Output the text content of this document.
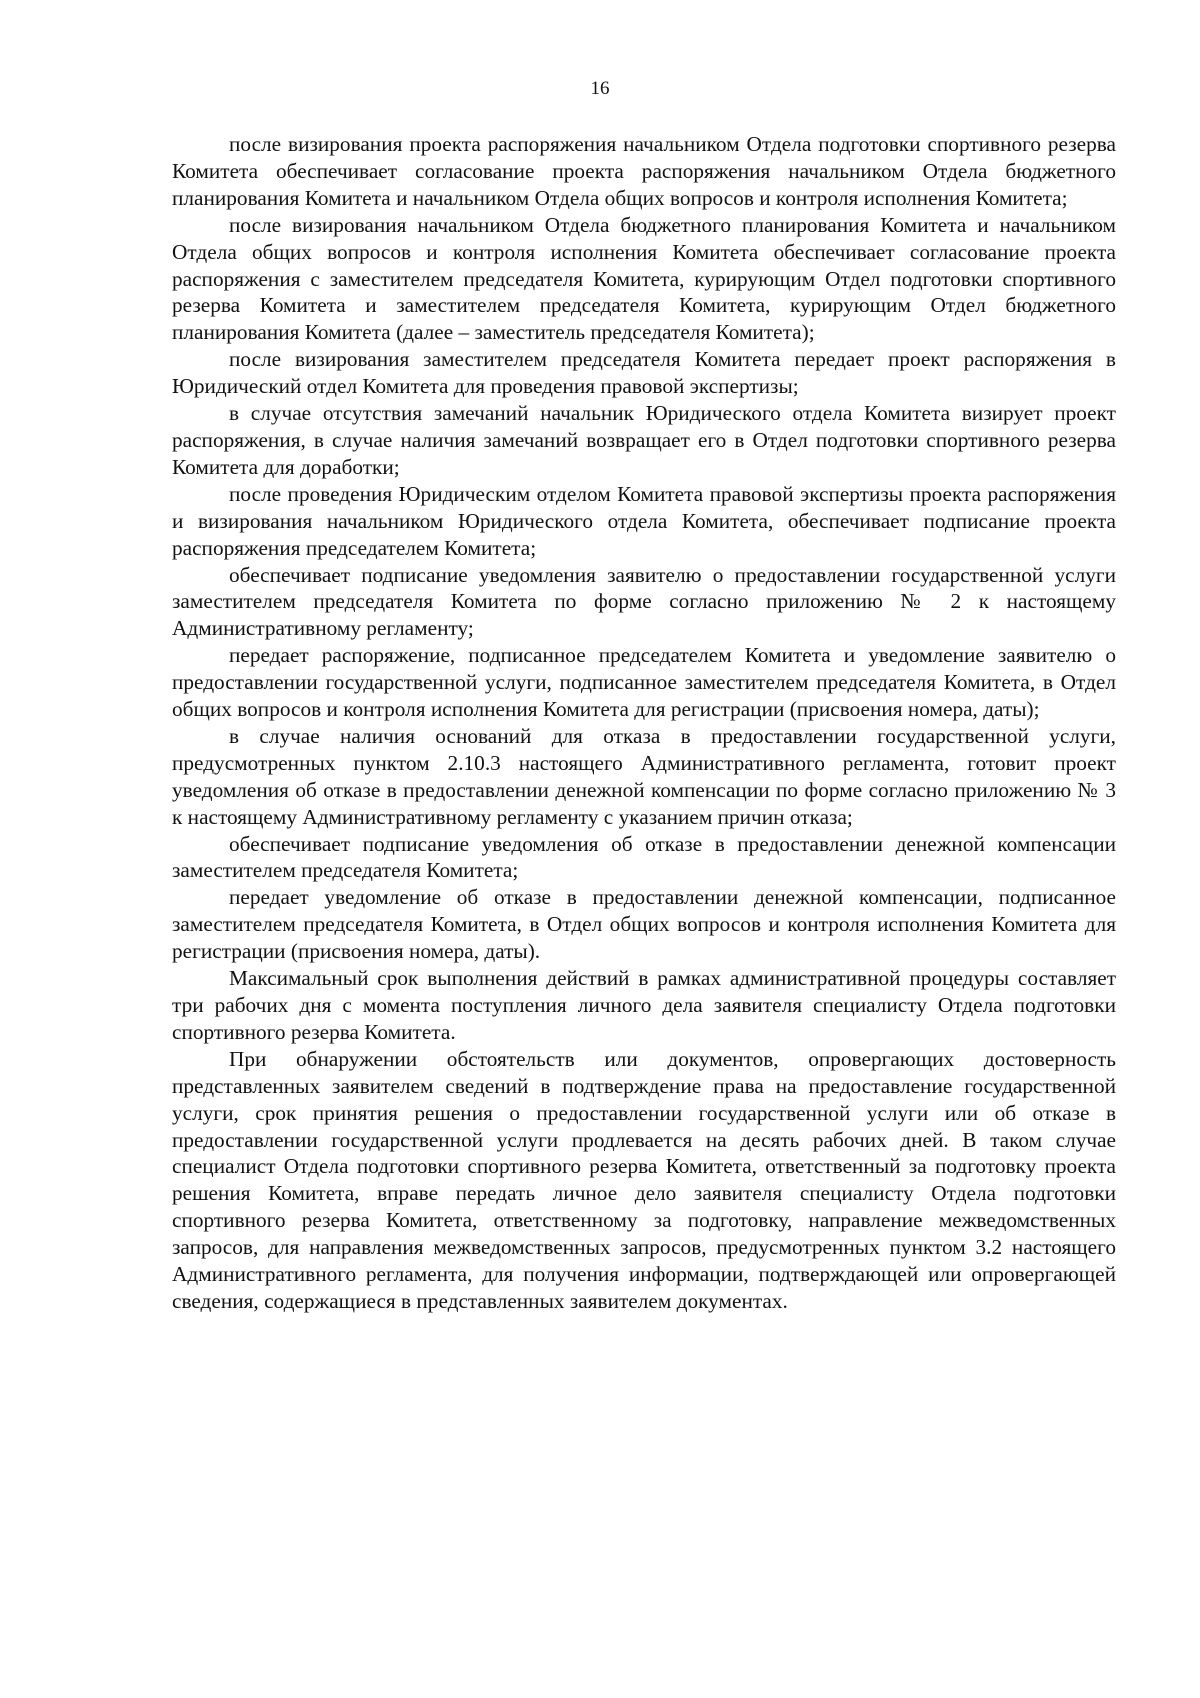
16

после визирования проекта распоряжения начальником Отдела подготовки спортивного резерва Комитета обеспечивает согласование проекта распоряжения начальником Отдела бюджетного планирования Комитета и начальником Отдела общих вопросов и контроля исполнения Комитета;

после визирования начальником Отдела бюджетного планирования Комитета и начальником Отдела общих вопросов и контроля исполнения Комитета обеспечивает согласование проекта распоряжения с заместителем председателя Комитета, курирующим Отдел подготовки спортивного резерва Комитета и заместителем председателя Комитета, курирующим Отдел бюджетного планирования Комитета (далее – заместитель председателя Комитета);

после визирования заместителем председателя Комитета передает проект распоряжения в Юридический отдел Комитета для проведения правовой экспертизы;

в случае отсутствия замечаний начальник Юридического отдела Комитета визирует проект распоряжения, в случае наличия замечаний возвращает его в Отдел подготовки спортивного резерва Комитета для доработки;

после проведения Юридическим отделом Комитета правовой экспертизы проекта распоряжения и визирования начальником Юридического отдела Комитета, обеспечивает подписание проекта распоряжения председателем Комитета;

обеспечивает подписание уведомления заявителю о предоставлении государственной услуги заместителем председателя Комитета по форме согласно приложению № 2 к настоящему Административному регламенту;

передает распоряжение, подписанное председателем Комитета и уведомление заявителю о предоставлении государственной услуги, подписанное заместителем председателя Комитета, в Отдел общих вопросов и контроля исполнения Комитета для регистрации (присвоения номера, даты);

в случае наличия оснований для отказа в предоставлении государственной услуги, предусмотренных пунктом 2.10.3 настоящего Административного регламента, готовит проект уведомления об отказе в предоставлении денежной компенсации по форме согласно приложению № 3 к настоящему Административному регламенту с указанием причин отказа;

обеспечивает подписание уведомления об отказе в предоставлении денежной компенсации заместителем председателя Комитета;

передает уведомление об отказе в предоставлении денежной компенсации, подписанное заместителем председателя Комитета, в Отдел общих вопросов и контроля исполнения Комитета для регистрации (присвоения номера, даты).

Максимальный срок выполнения действий в рамках административной процедуры составляет три рабочих дня с момента поступления личного дела заявителя специалисту Отдела подготовки спортивного резерва Комитета.

При обнаружении обстоятельств или документов, опровергающих достоверность представленных заявителем сведений в подтверждение права на предоставление государственной услуги, срок принятия решения о предоставлении государственной услуги или об отказе в предоставлении государственной услуги продлевается на десять рабочих дней. В таком случае специалист Отдела подготовки спортивного резерва Комитета, ответственный за подготовку проекта решения Комитета, вправе передать личное дело заявителя специалисту Отдела подготовки спортивного резерва Комитета, ответственному за подготовку, направление межведомственных запросов, для направления межведомственных запросов, предусмотренных пунктом 3.2 настоящего Административного регламента, для получения информации, подтверждающей или опровергающей сведения, содержащиеся в представленных заявителем документах.
